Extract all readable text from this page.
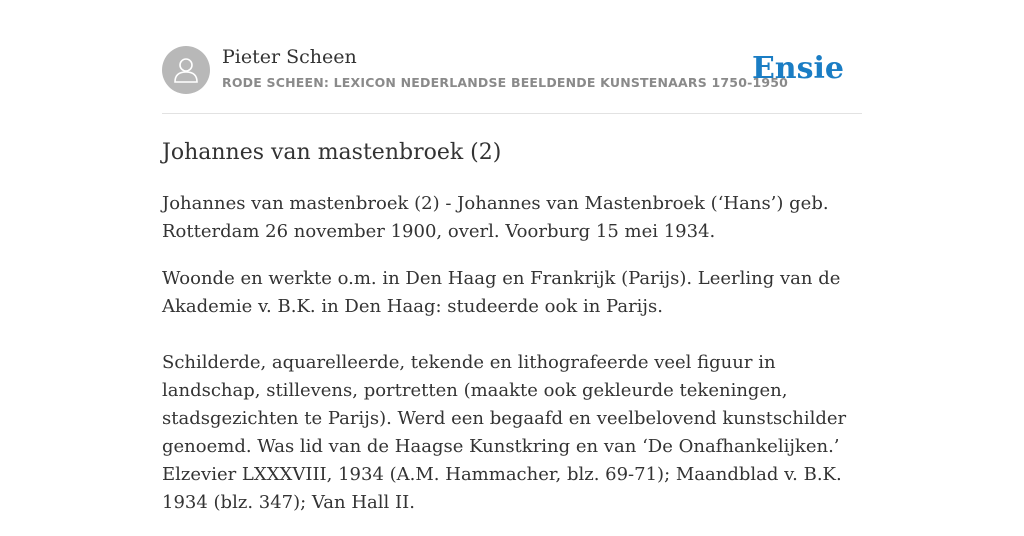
Pieter Scheen
RODE SCHEEN: LEXICON NEDERLANDSE BEELDENDE KUNSTENAARS 1750-1950
Ensie
Johannes van mastenbroek (2)

Johannes van mastenbroek (2) - Johannes van Mastenbroek (‘Hans’) geb. Rotterdam 26 november 1900, overl. Voorburg 15 mei 1934.

Woonde en werkte o.m. in Den Haag en Frankrijk (Parijs). Leerling van de Akademie v. B.K. in Den Haag: studeerde ook in Parijs.

Schilderde, aquarelleerde, tekende en lithografeerde veel figuur in landschap, stillevens, portretten (maakte ook gekleurde tekeningen, stadsgezichten te Parijs). Werd een begaafd en veelbelovend kunstschilder genoemd. Was lid van de Haagse Kunstkring en van ‘De Onafhankelijken.’ Elzevier LXXXVIII, 1934 (A.M. Hammacher, blz. 69-71); Maandblad v. B.K. 1934 (blz. 347); Van Hall II.
